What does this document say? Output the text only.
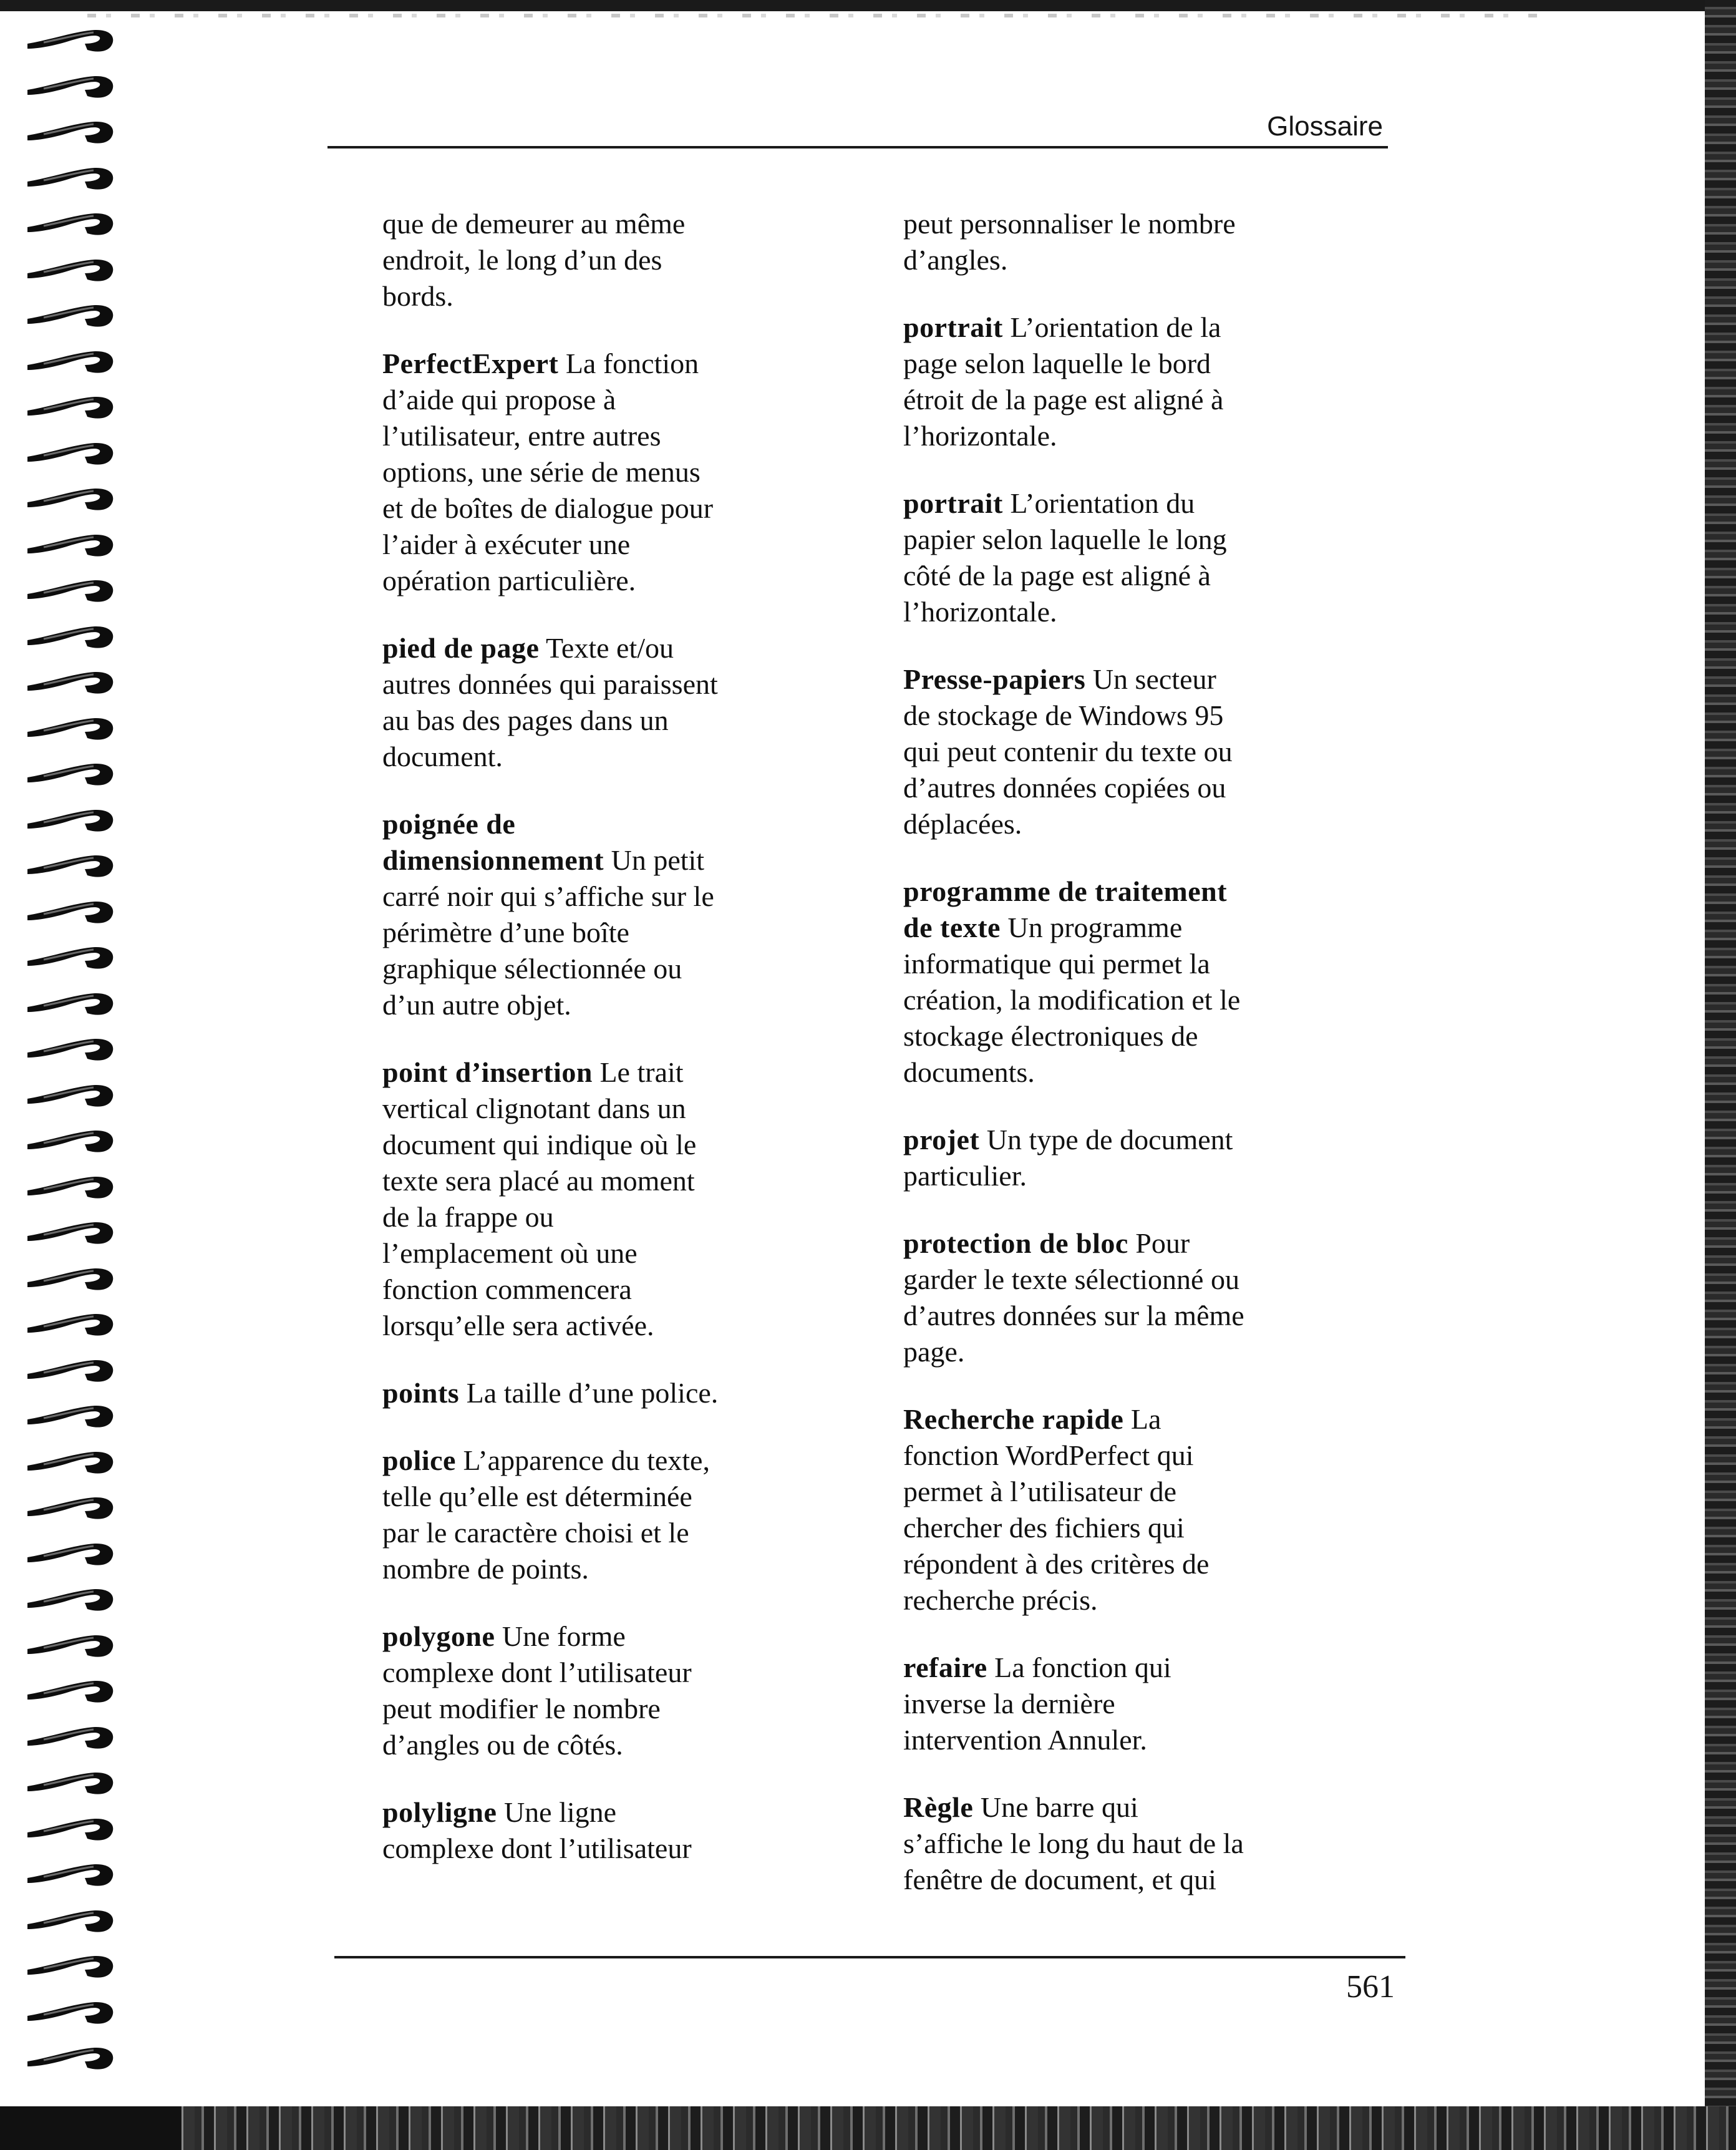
Glossaire
que de demeurer au même
endroit, le long d’un des
bords.
PerfectExpert La fonction
d’aide qui propose à
l’utilisateur, entre autres
options, une série de menus
et de boîtes de dialogue pour
l’aider à exécuter une
opération particulière.
pied de page Texte et/ou
autres données qui paraissent
au bas des pages dans un
document.
poignée de
dimensionnement Un petit
carré noir qui s’affiche sur le
périmètre d’une boîte
graphique sélectionnée ou
d’un autre objet.
point d’insertion Le trait
vertical clignotant dans un
document qui indique où le
texte sera placé au moment
de la frappe ou
l’emplacement où une
fonction commencera
lorsqu’elle sera activée.
points La taille d’une police.
police L’apparence du texte,
telle qu’elle est déterminée
par le caractère choisi et le
nombre de points.
polygone Une forme
complexe dont l’utilisateur
peut modifier le nombre
d’angles ou de côtés.
polyligne Une ligne
complexe dont l’utilisateur
peut personnaliser le nombre
d’angles.
portrait L’orientation de la
page selon laquelle le bord
étroit de la page est aligné à
l’horizontale.
portrait L’orientation du
papier selon laquelle le long
côté de la page est aligné à
l’horizontale.
Presse-papiers Un secteur
de stockage de Windows 95
qui peut contenir du texte ou
d’autres données copiées ou
déplacées.
programme de traitement
de texte Un programme
informatique qui permet la
création, la modification et le
stockage électroniques de
documents.
projet Un type de document
particulier.
protection de bloc Pour
garder le texte sélectionné ou
d’autres données sur la même
page.
Recherche rapide La
fonction WordPerfect qui
permet à l’utilisateur de
chercher des fichiers qui
répondent à des critères de
recherche précis.
refaire La fonction qui
inverse la dernière
intervention Annuler.
Règle Une barre qui
s’affiche le long du haut de la
fenêtre de document, et qui
561
